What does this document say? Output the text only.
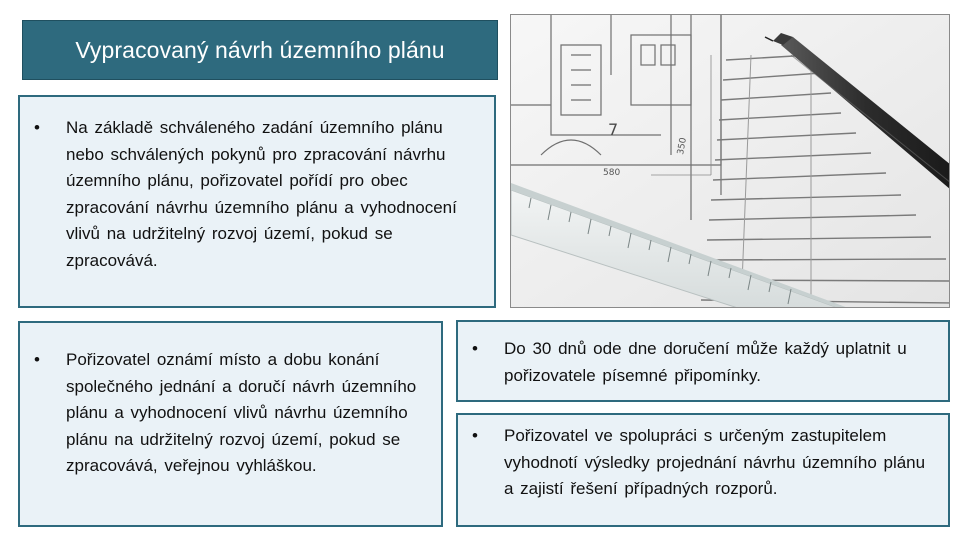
Vypracovaný návrh územního plánu
7
580
350
• Na základě schváleného zadání územního plánu nebo schválených pokynů pro zpracování návrhu územního plánu, pořizovatel pořídí pro obec zpracování návrhu územního plánu a vyhodnocení vlivů na udržitelný rozvoj území, pokud se zpracovává.
• Pořizovatel oznámí místo a dobu konání společného jednání a doručí návrh územního plánu a vyhodnocení vlivů návrhu územního plánu na udržitelný rozvoj území, pokud se zpracovává, veřejnou vyhláškou.
• Do 30 dnů ode dne doručení může každý uplatnit u pořizovatele písemné připomínky.
• Pořizovatel ve spolupráci s určeným zastupitelem vyhodnotí výsledky projednání návrhu územního plánu a zajistí řešení případných rozporů.
